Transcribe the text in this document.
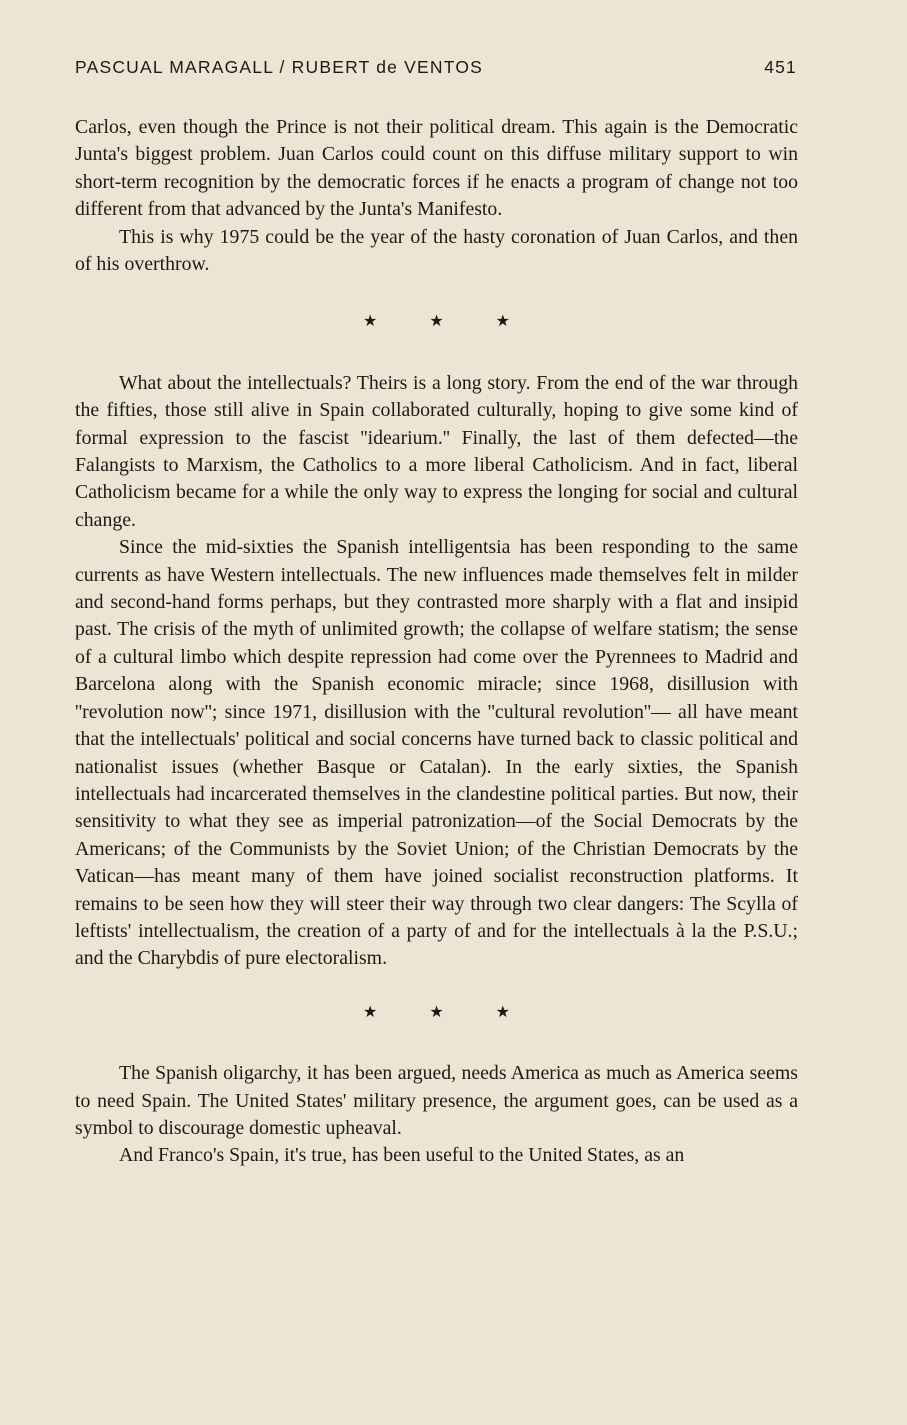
PASCUAL MARAGALL / RUBERT de VENTOS	451

Carlos, even though the Prince is not their political dream. This again is the Democratic Junta's biggest problem. Juan Carlos could count on this diffuse military support to win short-term recognition by the democratic forces if he enacts a program of change not too different from that advanced by the Junta's Manifesto.

This is why 1975 could be the year of the hasty coronation of Juan Carlos, and then of his overthrow.

★	★	★

What about the intellectuals? Theirs is a long story. From the end of the war through the fifties, those still alive in Spain collaborated culturally, hoping to give some kind of formal expression to the fascist ''idearium.'' Finally, the last of them defected—the Falangists to Marxism, the Catholics to a more liberal Catholicism. And in fact, liberal Catholicism became for a while the only way to express the longing for social and cultural change.

Since the mid-sixties the Spanish intelligentsia has been responding to the same currents as have Western intellectuals. The new influences made themselves felt in milder and second-hand forms perhaps, but they contrasted more sharply with a flat and insipid past. The crisis of the myth of unlimited growth; the collapse of welfare statism; the sense of a cultural limbo which despite repression had come over the Pyrennees to Madrid and Barcelona along with the Spanish economic miracle; since 1968, disillusion with ''revolution now''; since 1971, disillusion with the ''cultural revolution''— all have meant that the intellectuals' political and social concerns have turned back to classic political and nationalist issues (whether Basque or Catalan). In the early sixties, the Spanish intellectuals had incarcerated themselves in the clandestine political parties. But now, their sensitivity to what they see as imperial patronization—of the Social Democrats by the Americans; of the Communists by the Soviet Union; of the Christian Democrats by the Vatican—has meant many of them have joined socialist reconstruction platforms. It remains to be seen how they will steer their way through two clear dangers: The Scylla of leftists' intellectualism, the creation of a party of and for the intellectuals à la the P.S.U.; and the Charybdis of pure electoralism.

★	★	★

The Spanish oligarchy, it has been argued, needs America as much as America seems to need Spain. The United States' military presence, the argument goes, can be used as a symbol to discourage domestic upheaval.

And Franco's Spain, it's true, has been useful to the United States, as an
